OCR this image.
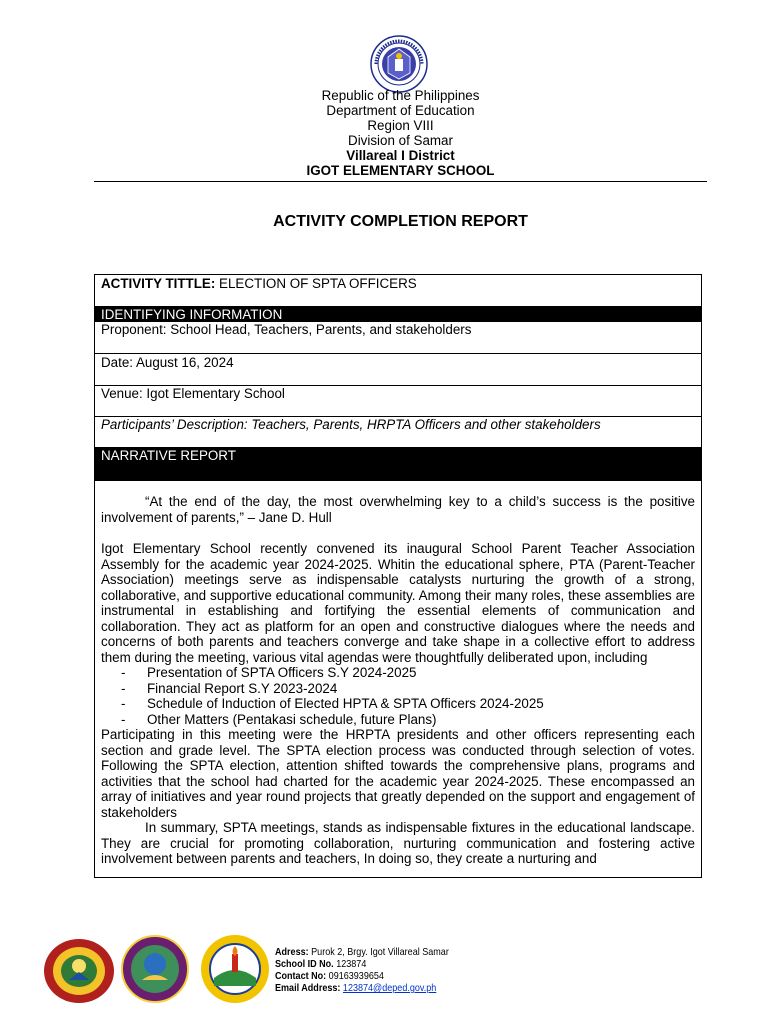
Republic of the Philippines
Department of Education
Region VIII
Division of Samar
Villareal I District
IGOT ELEMENTARY SCHOOL
ACTIVITY COMPLETION REPORT
ACTIVITY TITTLE: ELECTION OF SPTA OFFICERS
IDENTIFYING INFORMATION
Proponent: School Head, Teachers, Parents, and stakeholders
Date: August 16, 2024
Venue: Igot Elementary School
Participants’ Description: Teachers, Parents, HRPTA Officers and other stakeholders
NARRATIVE REPORT

“At the end of the day, the most overwhelming key to a child’s success is the positive involvement of parents,” – Jane D. Hull

Igot Elementary School recently convened its inaugural School Parent Teacher Association Assembly for the academic year 2024-2025. Whitin the educational sphere, PTA (Parent-Teacher Association) meetings serve as indispensable catalysts nurturing the growth of a strong, collaborative, and supportive educational community. Among their many roles, these assemblies are instrumental in establishing and fortifying the essential elements of communication and collaboration. They act as platform for an open and constructive dialogues where the needs and concerns of both parents and teachers converge and take shape in a collective effort to address them during the meeting, various vital agendas were thoughtfully deliberated upon, including

-	Presentation of SPTA Officers S.Y 2024-2025
-	Financial Report S.Y 2023-2024
-	Schedule of Induction of Elected HPTA & SPTA Officers 2024-2025
-	Other Matters (Pentakasi schedule, future Plans)

Participating in this meeting were the HRPTA presidents and other officers representing each section and grade level. The SPTA election process was conducted through selection of votes. Following the SPTA election, attention shifted towards the comprehensive plans, programs and activities that the school had charted for the academic year 2024-2025. These encompassed an array of initiatives and year round projects that greatly depended on the support and engagement of stakeholders

In summary, SPTA meetings, stands as indispensable fixtures in the educational landscape. They are crucial for promoting collaboration, nurturing communication and fostering active involvement between parents and teachers, In doing so, they create a nurturing and

Adress: Purok 2, Brgy. Igot Villareal Samar
School ID No. 123874
Contact No: 09163939654
Email Address: 123874@deped.gov.ph
